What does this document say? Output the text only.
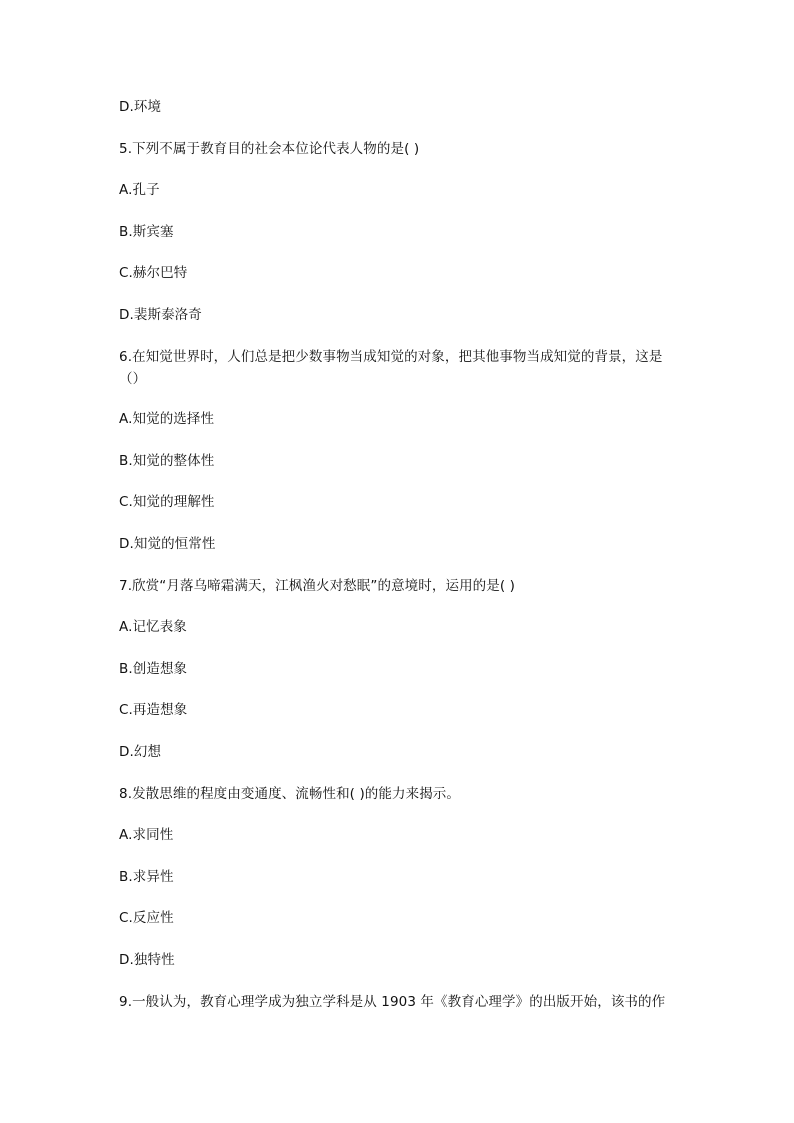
D.环境
5.下列不属于教育目的社会本位论代表人物的是( )
A.孔子
B.斯宾塞
C.赫尔巴特
D.裴斯泰洛奇
6.在知觉世界时，人们总是把少数事物当成知觉的对象，把其他事物当成知觉的背景，这是（）
A.知觉的选择性
B.知觉的整体性
C.知觉的理解性
D.知觉的恒常性
7.欣赏“月落乌啼霜满天，江枫渔火对愁眠”的意境时，运用的是( )
A.记忆表象
B.创造想象
C.再造想象
D.幻想
8.发散思维的程度由变通度、流畅性和( )的能力来揭示。
A.求同性
B.求异性
C.反应性
D.独特性
9.一般认为，教育心理学成为独立学科是从 1903 年《教育心理学》的出版开始，该书的作
